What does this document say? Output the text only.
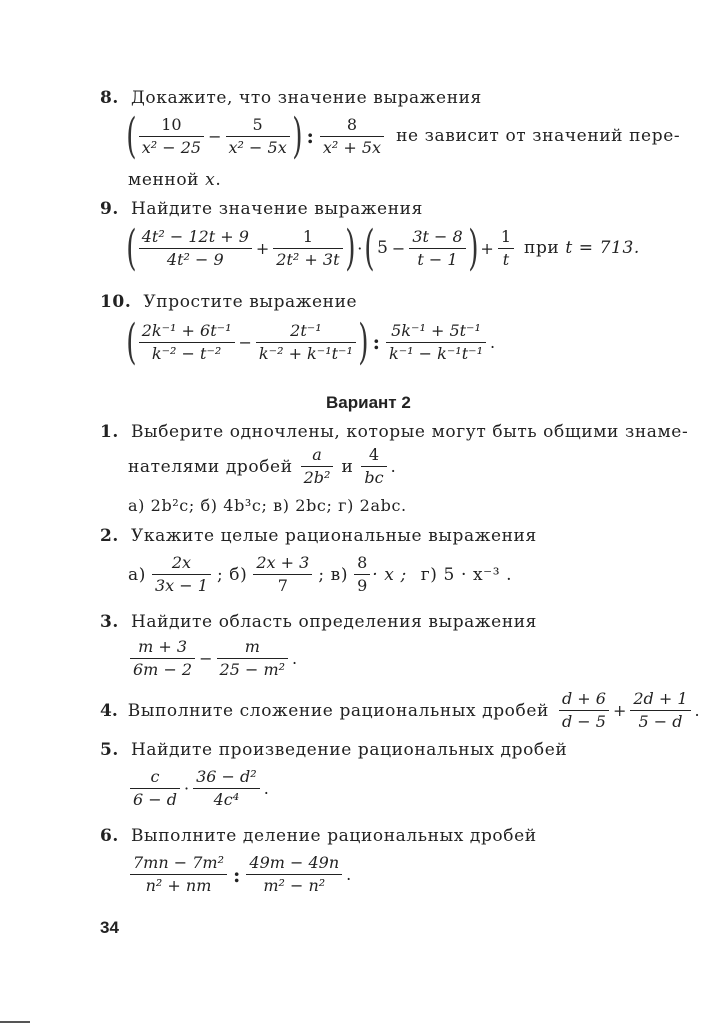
8. Докажите, что значение выражения
( $\frac{10}{\text{x² − 25}} - \frac{5}{\text{x² − 5x}}$ ) : $\frac{8}{\text{x² + 5x}}$ не зависит от значений пере-
менной x.
9. Найдите значение выражения
( $\frac{\text{4t² − 12t + 9}}{\text{4t² − 9}} + \frac{1}{\text{2t² + 3t}}$ ) · ( $5 - \frac{3t - 8}{t - 1}$ ) + $\frac{1}{t}$ при t = 713.
10. Упростите выражение
( $\frac{\text{2k⁻¹ + 6t⁻¹}}{\text{k⁻² − t⁻²}} - \frac{\text{2t⁻¹}}{\text{k⁻² + k⁻¹t⁻¹}}$ ) : $\frac{\text{5k⁻¹ + 5t⁻¹}}{\text{k⁻¹ − k⁻¹t⁻¹}}$ .
Вариант 2
1. Выберите одночлены, которые могут быть общими знаме-
нателями дробей $\frac{a}{\text{2b²}}$ и $\frac{4}{bc}$ .
а) 2b²c; б) 4b³c; в) 2bc; г) 2abc.
2. Укажите целые рациональные выражения
$а) \frac{2x}{3x - 1}$ ; $б) \frac{2x + 3}{7}$ ; $в) \frac{8}{9} \cdot x$ ; г) 5 · x⁻³ .
3. Найдите область определения выражения
$\frac{m + 3}{6m - 2} - \frac{m}{\text{25 − m²}}$ .
4. Выполните сложение рациональных дробей $\frac{d + 6}{d - 5} + \frac{2d + 1}{5 - d}$ .
5. Найдите произведение рациональных дробей
$\frac{c}{6 - d} \cdot \frac{\text{36 − d²}}{\text{4c⁴}}$ .
6. Выполните деление рациональных дробей
$\frac{\text{7mn − 7m²}}{\text{n² + nm}}$ : $\frac{49m - 49n}{\text{m² − n²}}$ .
34
